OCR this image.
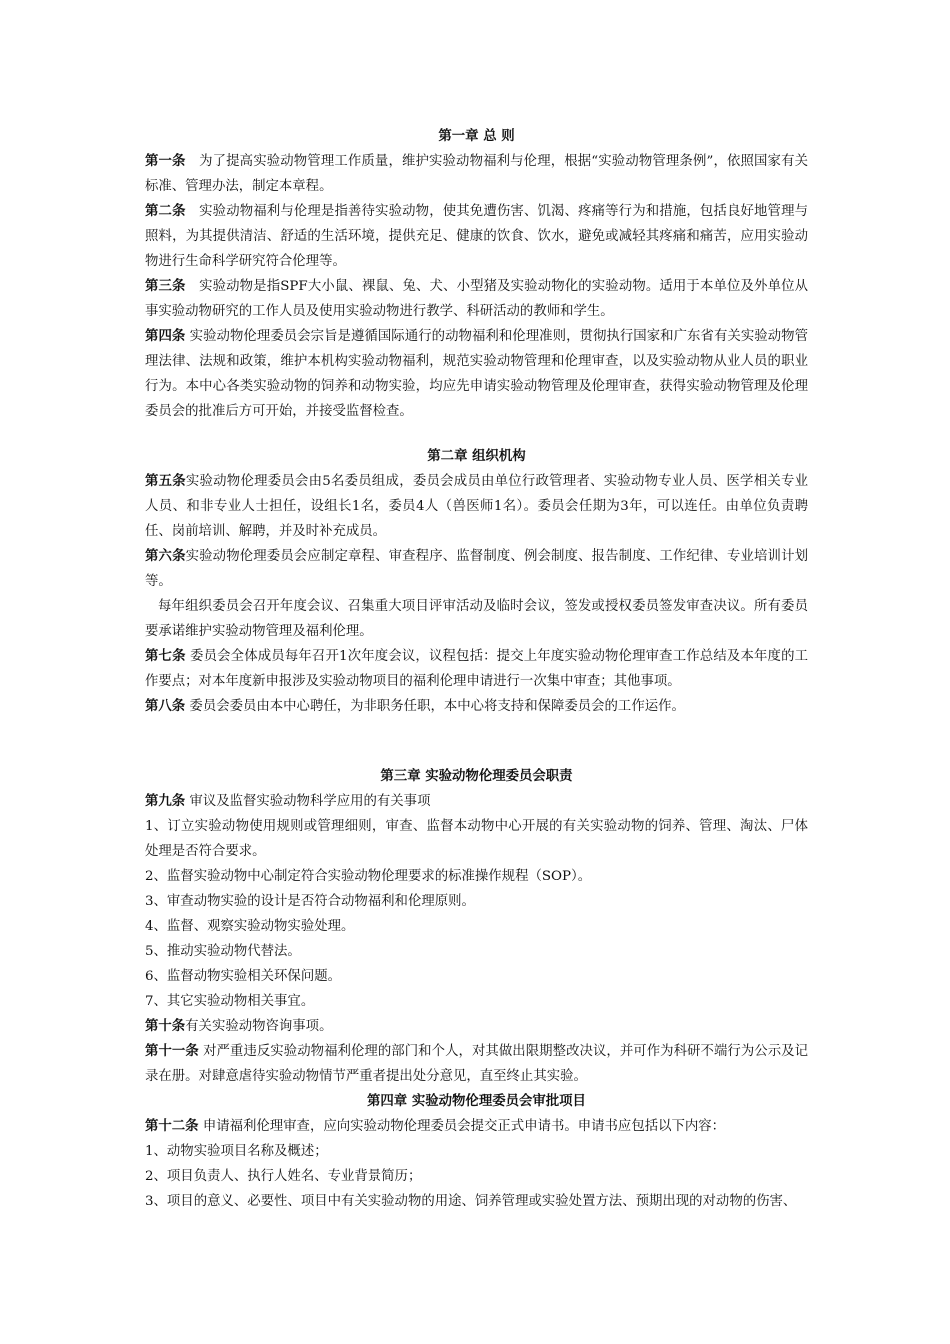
第一章 总 则

第一条　为了提高实验动物管理工作质量，维护实验动物福利与伦理，根据“实验动物管理条例”，依照国家有关标准、管理办法，制定本章程。

第二条　实验动物福利与伦理是指善待实验动物，使其免遭伤害、饥渴、疼痛等行为和措施，包括良好地管理与照料，为其提供清洁、舒适的生活环境，提供充足、健康的饮食、饮水，避免或减轻其疼痛和痛苦，应用实验动物进行生命科学研究符合伦理等。

第三条　实验动物是指SPF大小鼠、裸鼠、兔、犬、小型猪及实验动物化的实验动物。适用于本单位及外单位从事实验动物研究的工作人员及使用实验动物进行教学、科研活动的教师和学生。

第四条 实验动物伦理委员会宗旨是遵循国际通行的动物福利和伦理准则，贯彻执行国家和广东省有关实验动物管理法律、法规和政策，维护本机构实验动物福利，规范实验动物管理和伦理审查，以及实验动物从业人员的职业行为。本中心各类实验动物的饲养和动物实验，均应先申请实验动物管理及伦理审查，获得实验动物管理及伦理委员会的批准后方可开始，并接受监督检查。

第二章 组织机构

第五条实验动物伦理委员会由5名委员组成，委员会成员由单位行政管理者、实验动物专业人员、医学相关专业人员、和非专业人士担任，设组长1名，委员4人（兽医师1名）。委员会任期为3年，可以连任。由单位负责聘任、岗前培训、解聘，并及时补充成员。

第六条实验动物伦理委员会应制定章程、审查程序、监督制度、例会制度、报告制度、工作纪律、专业培训计划等。

每年组织委员会召开年度会议、召集重大项目评审活动及临时会议，签发或授权委员签发审查决议。所有委员要承诺维护实验动物管理及福利伦理。

第七条 委员会全体成员每年召开1次年度会议，议程包括：提交上年度实验动物伦理审查工作总结及本年度的工作要点；对本年度新申报涉及实验动物项目的福利伦理申请进行一次集中审查；其他事项。

第八条 委员会委员由本中心聘任，为非职务任职，本中心将支持和保障委员会的工作运作。

第三章 实验动物伦理委员会职责

第九条 审议及监督实验动物科学应用的有关事项

1、订立实验动物使用规则或管理细则，审查、监督本动物中心开展的有关实验动物的饲养、管理、淘汰、尸体处理是否符合要求。

2、监督实验动物中心制定符合实验动物伦理要求的标准操作规程（SOP）。

3、审查动物实验的设计是否符合动物福利和伦理原则。

4、监督、观察实验动物实验处理。

5、推动实验动物代替法。

6、监督动物实验相关环保问题。

7、其它实验动物相关事宜。

第十条有关实验动物咨询事项。

第十一条 对严重违反实验动物福利伦理的部门和个人，对其做出限期整改决议，并可作为科研不端行为公示及记录在册。对肆意虐待实验动物情节严重者提出处分意见，直至终止其实验。

第四章 实验动物伦理委员会审批项目

第十二条 申请福利伦理审查，应向实验动物伦理委员会提交正式申请书。申请书应包括以下内容：

1、动物实验项目名称及概述；

2、项目负责人、执行人姓名、专业背景简历；

3、项目的意义、必要性、项目中有关实验动物的用途、饲养管理或实验处置方法、预期出现的对动物的伤害、
